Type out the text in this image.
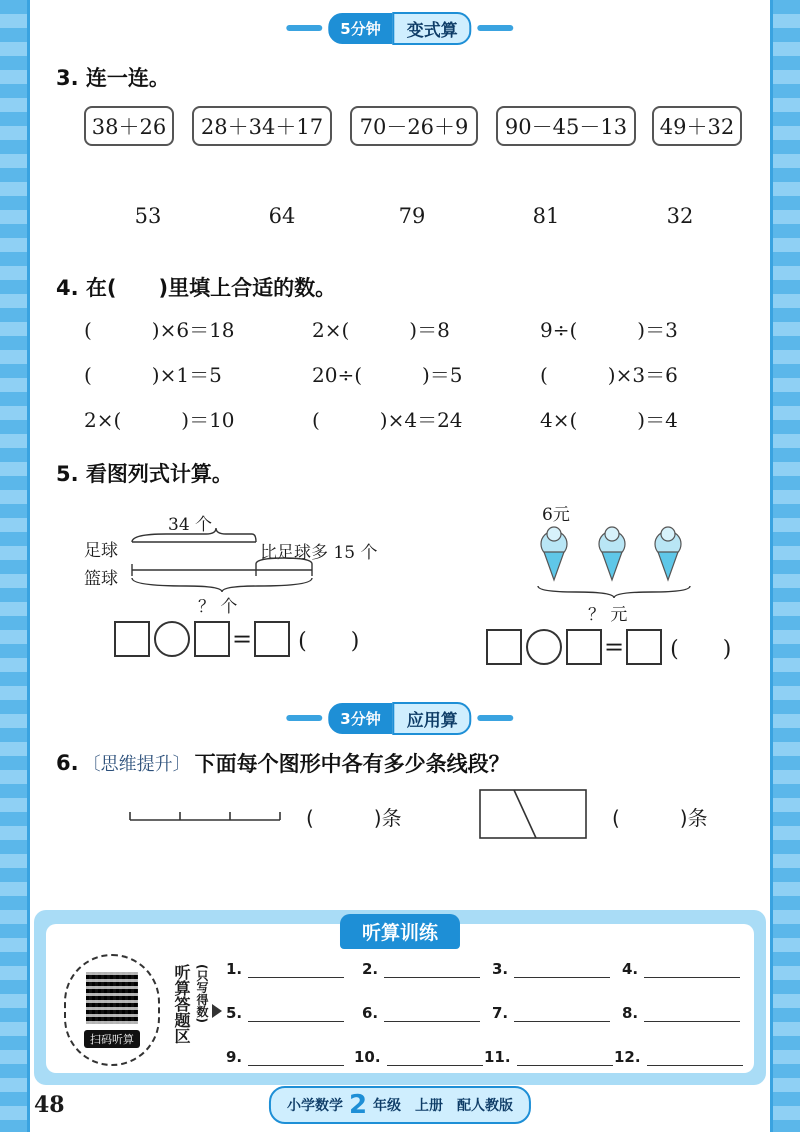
5分钟	变式算
3. 连一连。
38＋26	28＋34＋17	70－26＋9	90－45－13	49＋32
53	64	79	81	32
4. 在(　　)里填上合适的数。
(　　　)×6＝18	2×(　　　)＝8	9÷(　　　)＝3
(　　　)×1＝5	20÷(　　　)＝5	(　　　)×3＝6
2×(　　　)＝10	(　　　)×4＝24	4×(　　　)＝4
5. 看图列式计算。
34 个
足球
篮球
比足球多 15 个
？ 个
= (　　)
6元
？ 元
= (　　)
3分钟	应用算
6. 〔思维提升〕 下面每个图形中各有多少条线段？
(　　　)条	(　　　)条
听算训练
扫码听算	听算答题区 (只写得数) 1.	2.	3.	4.
5.	6.	7.	8.
9.	10.	11.	12.
48	小学数学 2 年级　上册　配人教版
